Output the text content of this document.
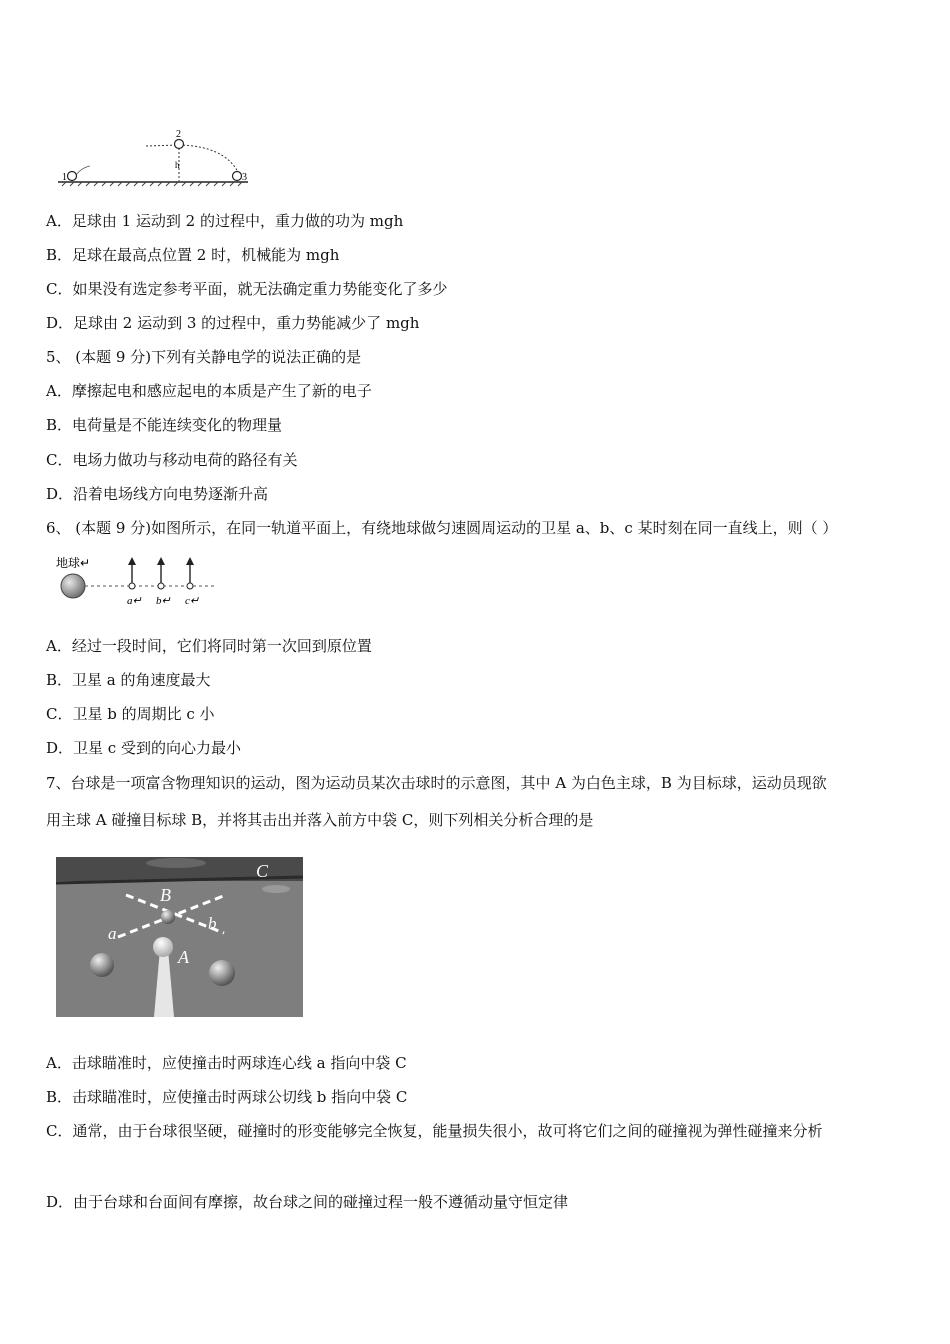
1
2
3
h
A．足球由 1 运动到 2 的过程中，重力做的功为 mgh
B．足球在最高点位置 2 时，机械能为 mgh
C．如果没有选定参考平面，就无法确定重力势能变化了多少
D．足球由 2 运动到 3 的过程中，重力势能减少了 mgh
5、 (本题 9 分)下列有关静电学的说法正确的是
A．摩擦起电和感应起电的本质是产生了新的电子
B．电荷量是不能连续变化的物理量
C．电场力做功与移动电荷的路径有关
D．沿着电场线方向电势逐渐升高
6、 (本题 9 分)如图所示，在同一轨道平面上，有绕地球做匀速圆周运动的卫星 a、b、c 某时刻在同一直线上，则（ ）
地球↵
a↵ b↵ c↵
A．经过一段时间，它们将同时第一次回到原位置
B．卫星 a 的角速度最大
C．卫星 b 的周期比 c 小
D．卫星 c 受到的向心力最小
7、台球是一项富含物理知识的运动，图为运动员某次击球时的示意图，其中 A 为白色主球，B 为目标球，运动员现欲
用主球 A 碰撞目标球 B，并将其击出并落入前方中袋 C，则下列相关分析合理的是
A
B
C
a
b
A．击球瞄准时，应使撞击时两球连心线 a 指向中袋 C
B．击球瞄准时，应使撞击时两球公切线 b 指向中袋 C
C．通常，由于台球很坚硬，碰撞时的形变能够完全恢复，能量损失很小，故可将它们之间的碰撞视为弹性碰撞来分析
D．由于台球和台面间有摩擦，故台球之间的碰撞过程一般不遵循动量守恒定律
